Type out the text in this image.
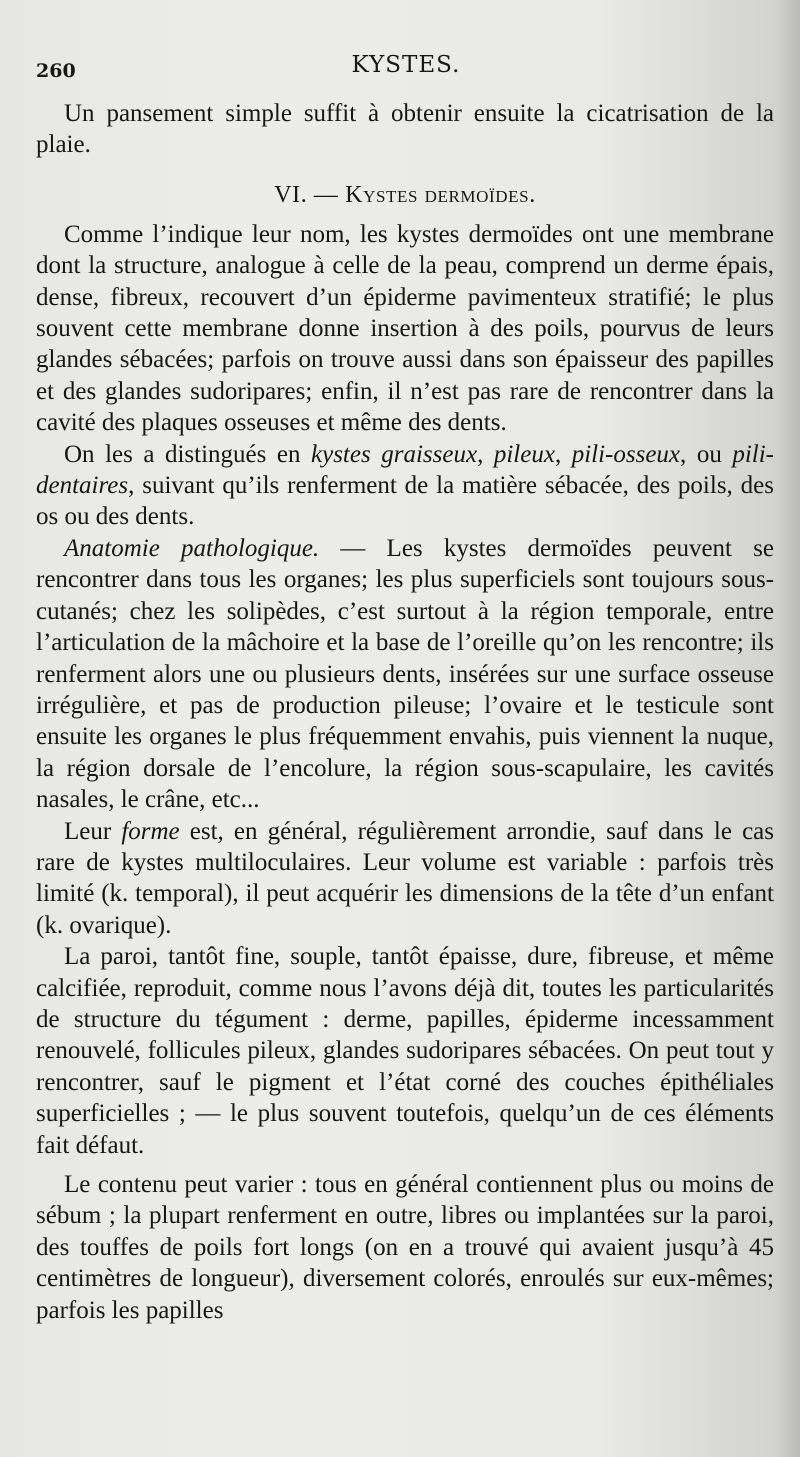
260	KYSTES.

Un pansement simple suffit à obtenir ensuite la cicatrisation de la plaie.

VI. — Kystes dermoïdes.

Comme l’indique leur nom, les kystes dermoïdes ont une membrane dont la structure, analogue à celle de la peau, comprend un derme épais, dense, fibreux, recouvert d’un épiderme pavimenteux stratifié; le plus souvent cette membrane donne insertion à des poils, pourvus de leurs glandes sébacées; parfois on trouve aussi dans son épaisseur des papilles et des glandes sudoripares; enfin, il n’est pas rare de rencontrer dans la cavité des plaques osseuses et même des dents.

On les a distingués en kystes graisseux, pileux, pili-osseux, ou pili-dentaires, suivant qu’ils renferment de la matière sébacée, des poils, des os ou des dents.

Anatomie pathologique. — Les kystes dermoïdes peuvent se rencontrer dans tous les organes; les plus superficiels sont toujours sous-cutanés; chez les solipèdes, c’est surtout à la région temporale, entre l’articulation de la mâchoire et la base de l’oreille qu’on les rencontre; ils renferment alors une ou plusieurs dents, insérées sur une surface osseuse irrégulière, et pas de production pileuse; l’ovaire et le testicule sont ensuite les organes le plus fréquemment envahis, puis viennent la nuque, la région dorsale de l’encolure, la région sous-scapulaire, les cavités nasales, le crâne, etc...

Leur forme est, en général, régulièrement arrondie, sauf dans le cas rare de kystes multiloculaires. Leur volume est variable : parfois très limité (k. temporal), il peut acquérir les dimensions de la tête d’un enfant (k. ovarique).

La paroi, tantôt fine, souple, tantôt épaisse, dure, fibreuse, et même calcifiée, reproduit, comme nous l’avons déjà dit, toutes les particularités de structure du tégument : derme, papilles, épiderme incessamment renouvelé, follicules pileux, glandes sudoripares sébacées. On peut tout y rencontrer, sauf le pigment et l’état corné des couches épithéliales superficielles ; — le plus souvent toutefois, quelqu’un de ces éléments fait défaut.

Le contenu peut varier : tous en général contiennent plus ou moins de sébum ; la plupart renferment en outre, libres ou implantées sur la paroi, des touffes de poils fort longs (on en a trouvé qui avaient jusqu’à 45 centimètres de longueur), diversement colorés, enroulés sur eux-mêmes; parfois les papilles
